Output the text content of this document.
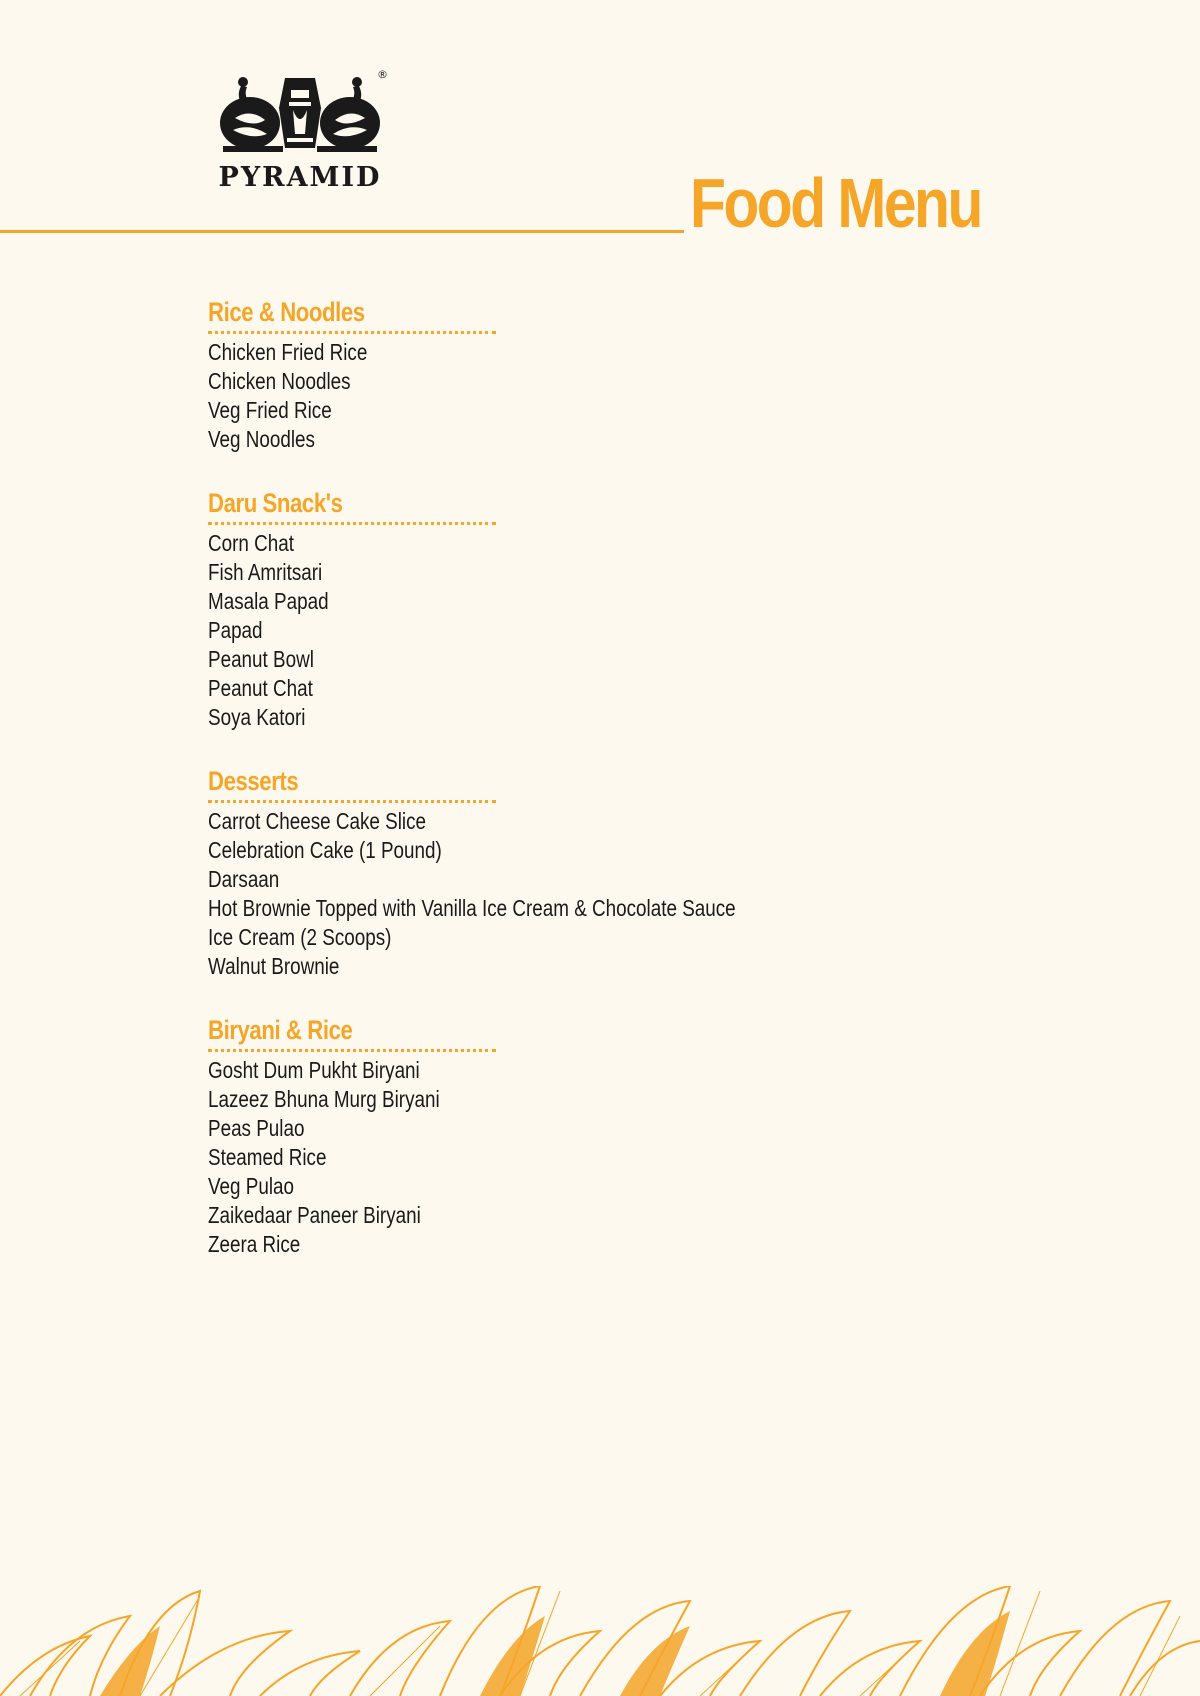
®
PYRAMID	Food Menu
Rice & Noodles
Chicken Fried Rice
Chicken Noodles
Veg Fried Rice
Veg Noodles
Daru Snack's
Corn Chat
Fish Amritsari
Masala Papad
Papad
Peanut Bowl
Peanut Chat
Soya Katori
Desserts
Carrot Cheese Cake Slice
Celebration Cake (1 Pound)
Darsaan
Hot Brownie Topped with Vanilla Ice Cream & Chocolate Sauce
Ice Cream (2 Scoops)
Walnut Brownie
Biryani & Rice
Gosht Dum Pukht Biryani
Lazeez Bhuna Murg Biryani
Peas Pulao
Steamed Rice
Veg Pulao
Zaikedaar Paneer Biryani
Zeera Rice
